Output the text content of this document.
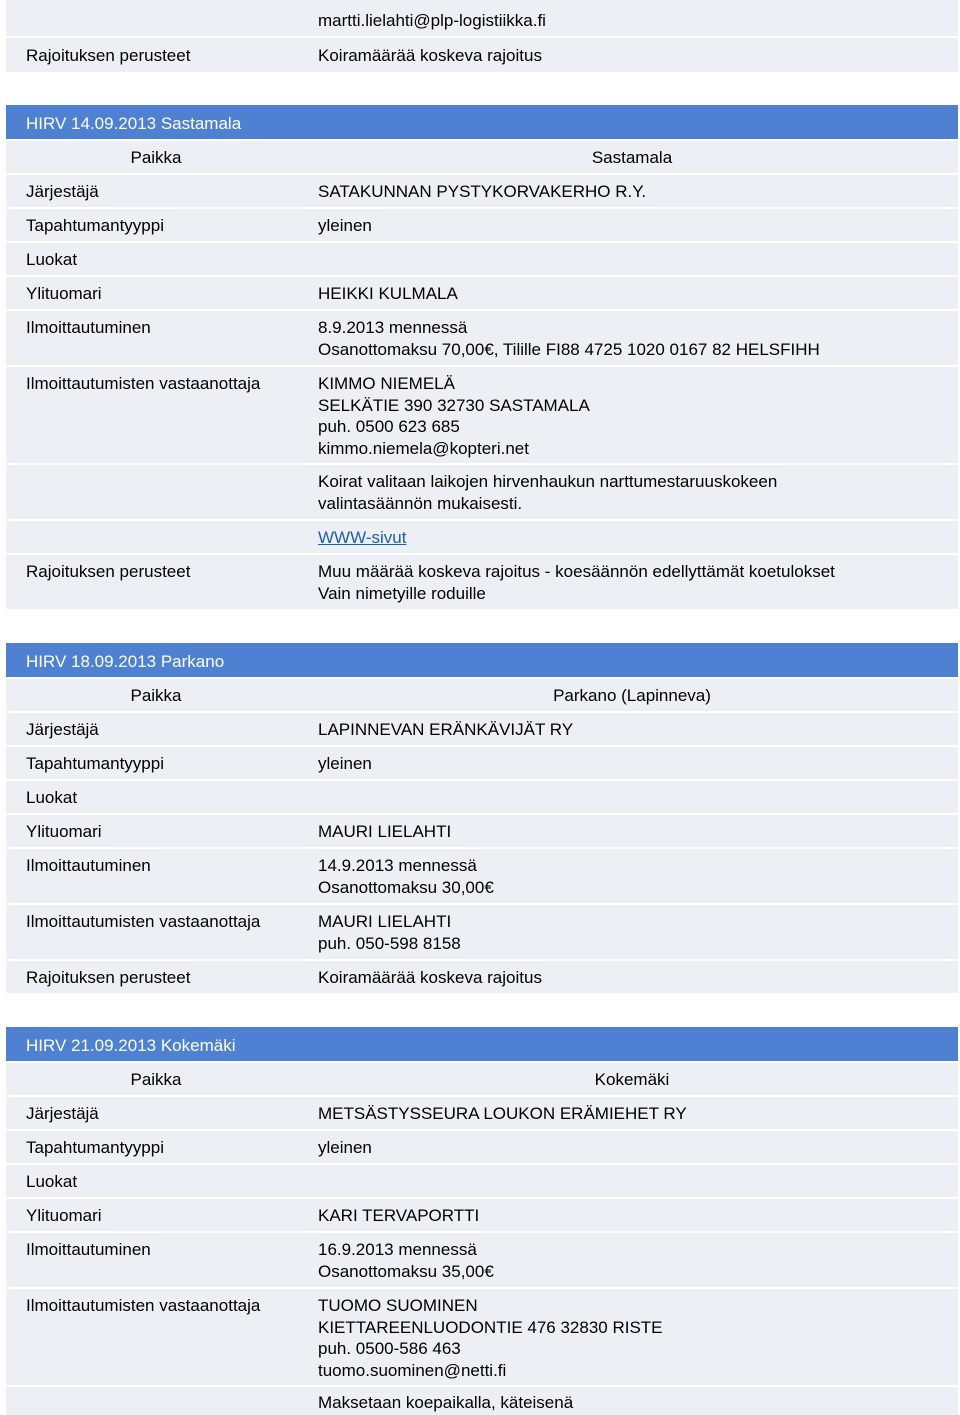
martti.lielahti@plp-logistiikka.fi
Rajoituksen perusteet	Koiramäärää koskeva rajoitus
HIRV 14.09.2013 Sastamala
Paikka	Sastamala
Järjestäjä	SATAKUNNAN PYSTYKORVAKERHO R.Y.
Tapahtumantyyppi	yleinen
Luokat
Ylituomari	HEIKKI KULMALA
Ilmoittautuminen	8.9.2013 mennessä
Osanottomaksu 70,00€, Tilille FI88 4725 1020 0167 82 HELSFIHH
Ilmoittautumisten vastaanottaja	KIMMO NIEMELÄ
SELKÄTIE 390 32730 SASTAMALA
puh. 0500 623 685
kimmo.niemela@kopteri.net
Koirat valitaan laikojen hirvenhaukun narttumestaruuskokeen
valintasäännön mukaisesti.
WWW-sivut
Rajoituksen perusteet	Muu määrää koskeva rajoitus - koesäännön edellyttämät koetulokset
Vain nimetyille roduille
HIRV 18.09.2013 Parkano
Paikka	Parkano (Lapinneva)
Järjestäjä	LAPINNEVAN ERÄNKÄVIJÄT RY
Tapahtumantyyppi	yleinen
Luokat
Ylituomari	MAURI LIELAHTI
Ilmoittautuminen	14.9.2013 mennessä
Osanottomaksu 30,00€
Ilmoittautumisten vastaanottaja	MAURI LIELAHTI
puh. 050-598 8158
Rajoituksen perusteet	Koiramäärää koskeva rajoitus
HIRV 21.09.2013 Kokemäki
Paikka	Kokemäki
Järjestäjä	METSÄSTYSSEURA LOUKON ERÄMIEHET RY
Tapahtumantyyppi	yleinen
Luokat
Ylituomari	KARI TERVAPORTTI
Ilmoittautuminen	16.9.2013 mennessä
Osanottomaksu 35,00€
Ilmoittautumisten vastaanottaja	TUOMO SUOMINEN
KIETTAREENLUODONTIE 476 32830 RISTE
puh. 0500-586 463
tuomo.suominen@netti.fi
Maksetaan koepaikalla, käteisenä
